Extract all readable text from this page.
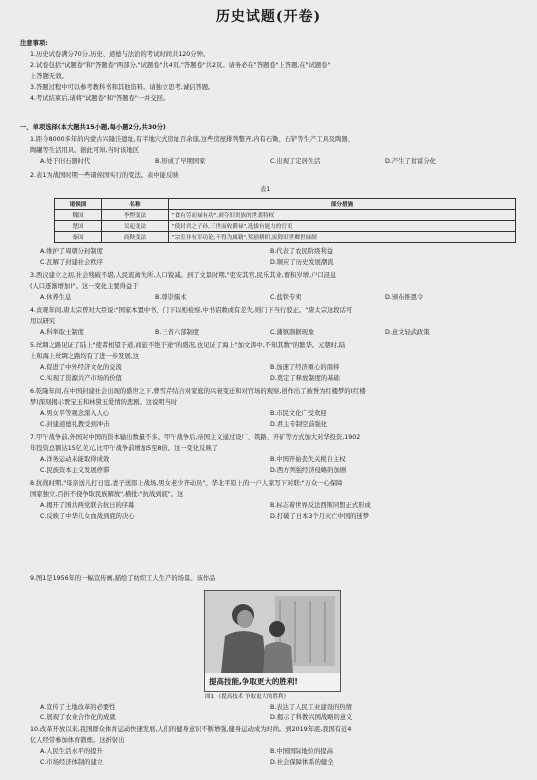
历史试题(开卷)
注意事项:
1.历史试卷满分70分,历史、道德与法治的考试时间共120分钟。
2.试卷包括"试题卷"和"答题卷"两部分,"试题卷"共4页,"答题卷"共2页。请务必在"答题卷"上答题,在"试题卷"
上答题无效。
3.答题过程中可以参考教科书和其他资料。请独立思考,诚信答题。
4.考试结束后,请将"试题卷"和"答题卷"一并交回。
一、单项选择(本大题共15小题,每小题2分,共30分)
1.距今8000多年的内蒙古兴隆洼遗址,有半地穴式房址百余座,这些房屋排列整齐,内有石锄、石铲等生产工具及陶器、
陶罐等生活用具。据此可知,当时该地区
A.处于旧石器时代	B.形成了早期国家	C.出现了定居生活	D.产生了贫富分化
2.表1为战国时期一些诸侯国实行的变法。表中能反映
表1
诸侯国	名称	部分措施
魏国	李悝变法	"食有劳而禄有功",剥夺旧贵族的世袭特权
楚国	吴起变法	"使封君之子孙,三世而收爵禄",选拔有能力的官吏
秦国	商鞅变法	"宗室非有军功论,不得为属籍",奖励耕织,废除旧世卿世禄制
A.维护了周朝分封制度	B.代表了农民阶级利益
C.瓦解了封建社会秩序	D.顺应了历史发展潮流
3.西汉建立之初,社会残破不堪,人民流离失所,人口锐减。到了文景时期,"吏安其官,民乐其业,畜积岁增,户口浸息
(人口逐渐增加)"。这一变化主要得益于
A.休养生息	B.尊崇儒术	C.盐铁专卖	D.颁布推恩令
4.贞观年间,唐太宗曾对大臣说:"国家本置中书、门下以相检察,中书诏敕或有差失,则门下当行驳正。"唐太宗这段话可
用以研究
A.科举取士制度	B.三省六部制度	C.藩镇割据现象	D.意文轻武政策
5.丝绸之路见证了陆上"使者相望于道,商旅不绝于途"的盛况,也见证了海上"加文涛中,不知其数"的繁华。元朝时,陆
上和海上丝绸之路均有了进一步发展,这
A.促进了中外经济文化的交流	B.加速了经济重心的南移
C.实现了资源共产市场的价值	D.奠定了释放制度的基础
6.乾隆年间,在中国封建社会出现的盛世之下,曹雪芹结合对家庭的兴衰变迁和对官场的观察,创作出了被誉为红楼梦的(红楼
梦)深刻揭示贾宝玉和林黛玉爱情的悲剧。这说明当时
A.男女平等观念深入人心	B.市民文化广受欢迎
C.封建道德礼教受到冲击	D.君主专制空前强化
7.甲午战争前,外国对中国的资本输出数量不多。甲午战争后,帝国主义通过设厂、筑路、开矿等方式加大对华投资,1902
年投资总额达15亿美元,比甲午战争前增加5至8倍。这一变化反映了
A.洋务运动未能取得成效	B.中国开始丧失关税自主权
C.民族资本主义发展停滞	D.西方列强经济侵略的加剧
8.抗战时期,"母亲送儿打日寇,妻子送郎上战场,男女老少齐动员"。华北平原上的一户人家写下对联:"万众一心保障
国家独立,百折不挠争取民族解放",横批:"抗战到底"。这
A.揭开了国共两党联合抗日的序幕	B.标志着世界反法西斯同盟正式形成
C.反映了中华儿女血战到底的决心	D.打破了日本3个月灭亡中国的迷梦
9.图1是1956年的一幅宣传画,描绘了纺织工人生产的场景。该作品
提高技能,争取更大的胜利!
图1 《提高技术 争取更大的胜利》
A.宣传了土地改革的必要性	B.表达了人民工业建设的热情
C.展现了农业合作化的成就	D.揭示了科教兴国战略的意义
10.改革开放以来,我国群众体育运动快速发展,人们的健身意识不断增强,健身运动成为时尚。到2019年底,我国有近4
亿人经常参加体育锻炼。这折射出
A.人民生活水平的提升	B.中国国际地位的提高
C.市场经济体制的建立	D.社会保障体系的健全
